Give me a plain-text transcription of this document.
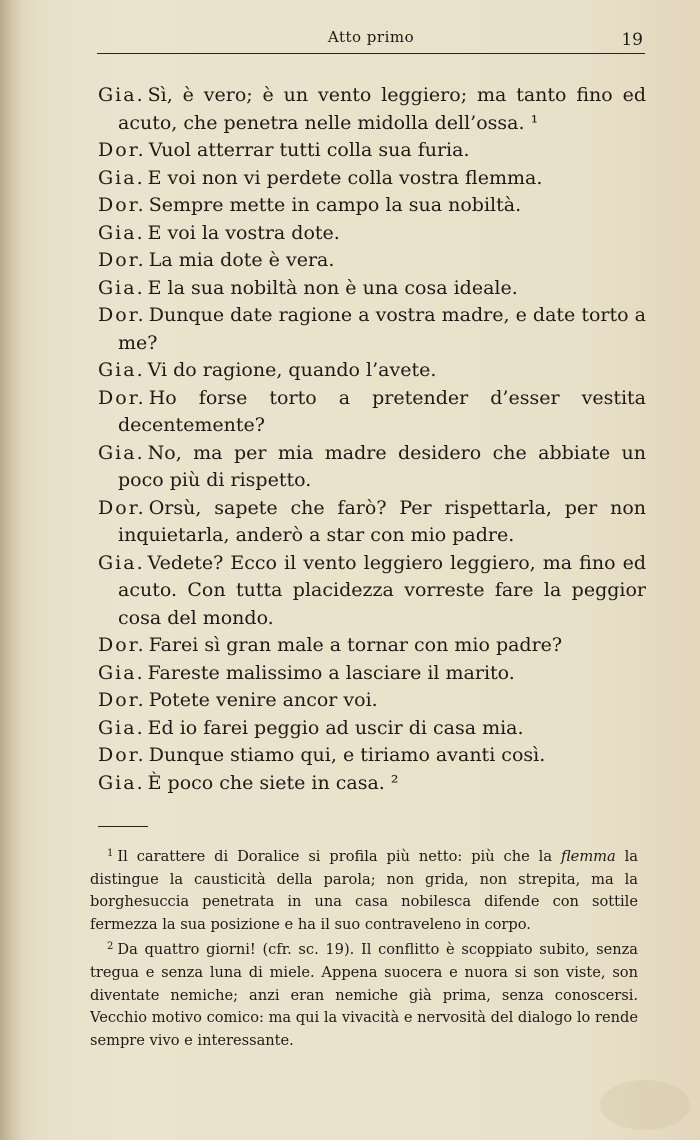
Atto primo	19
Gia. Sì, è vero; è un vento leggiero; ma tanto fino ed acuto, che penetra nelle midolla dell’ossa. ¹
Dor. Vuol atterrar tutti colla sua furia.
Gia. E voi non vi perdete colla vostra flemma.
Dor. Sempre mette in campo la sua nobiltà.
Gia. E voi la vostra dote.
Dor. La mia dote è vera.
Gia. E la sua nobiltà non è una cosa ideale.
Dor. Dunque date ragione a vostra madre, e date torto a me?
Gia. Vi do ragione, quando l’avete.
Dor. Ho forse torto a pretender d’esser vestita decentemente?
Gia. No, ma per mia madre desidero che abbiate un poco più di rispetto.
Dor. Orsù, sapete che farò? Per rispettarla, per non inquietarla, anderò a star con mio padre.
Gia. Vedete? Ecco il vento leggiero leggiero, ma fino ed acuto. Con tutta placidezza vorreste fare la peggior cosa del mondo.
Dor. Farei sì gran male a tornar con mio padre?
Gia. Fareste malissimo a lasciare il marito.
Dor. Potete venire ancor voi.
Gia. Ed io farei peggio ad uscir di casa mia.
Dor. Dunque stiamo qui, e tiriamo avanti così.
Gia. È poco che siete in casa. ²
$^1$ Il carattere di Doralice si profila più netto: più che la flemma la distingue la causticità della parola; non grida, non strepita, ma la borghesuccia penetrata in una casa nobilesca difende con sottile fermezza la sua posizione e ha il suo contraveleno in corpo.
$^2$ Da quattro giorni! (cfr. sc. 19). Il conflitto è scoppiato subito, senza tregua e senza luna di miele. Appena suocera e nuora si son viste, son diventate nemiche; anzi eran nemiche già prima, senza conoscersi. Vecchio motivo comico: ma qui la vivacità e nervosità del dialogo lo rende sempre vivo e interessante.
